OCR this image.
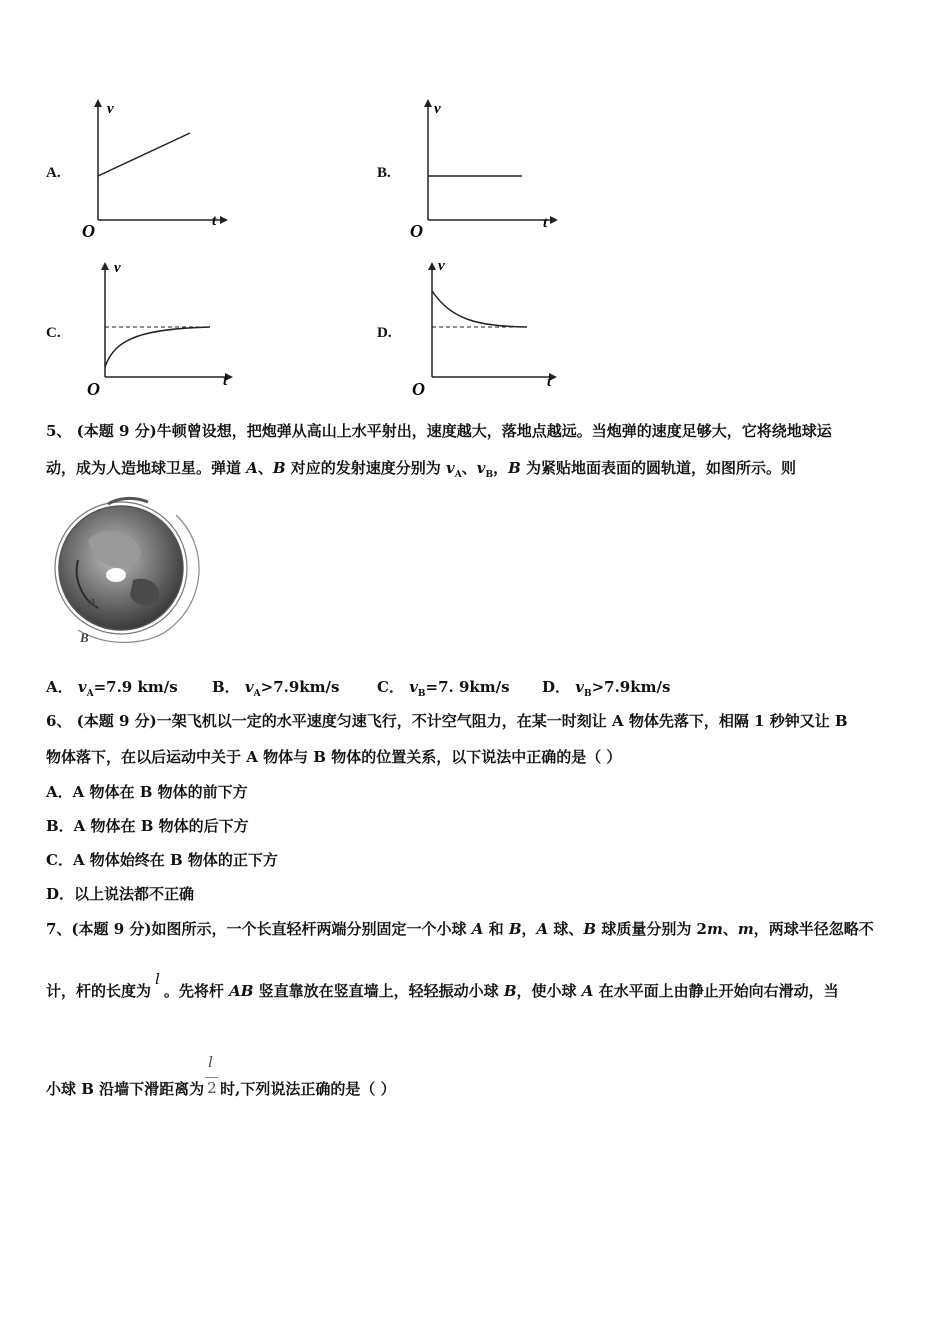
A.
v
t
O
B.
v
t
O
C.
v
t
O
D.
v
t
O
5、 (本题 9 分)牛顿曾设想，把炮弹从高山上水平射出，速度越大，落地点越远。当炮弹的速度足够大，它将绕地球运
动，成为人造地球卫星。弹道 A、B 对应的发射速度分别为 $v_A$、$v_B$，B 为紧贴地面表面的圆轨道，如图所示。则
A
B
A． $v_A=7.9$ km/s B． $v_A>7.9km/s$	C． $v_B=7$. 9km/s D． $v_B>7.9km/s$
6、 (本题 9 分)一架飞机以一定的水平速度匀速飞行，不计空气阻力，在某一时刻让 A 物体先落下，相隔 1 秒钟又让 B
物体落下，在以后运动中关于 A 物体与 B 物体的位置关系，以下说法中正确的是（ ）
A．A 物体在 B 物体的前下方
B．A 物体在 B 物体的后下方
C．A 物体始终在 B 物体的正下方
D．以上说法都不正确
7、(本题 9 分)如图所示，一个长直轻杆两端分别固定一个小球 A 和 B，A 球、B 球质量分别为 2m、m，两球半径忽略不
计，杆的长度为l。先将杆 AB 竖直靠放在竖直墙上，轻轻振动小球 B，使小球 A 在水平面上由静止开始向右滑动，当
小球 B 沿墙下滑距离为 $\frac{l}{2}$ 时,下列说法正确的是（ ）
